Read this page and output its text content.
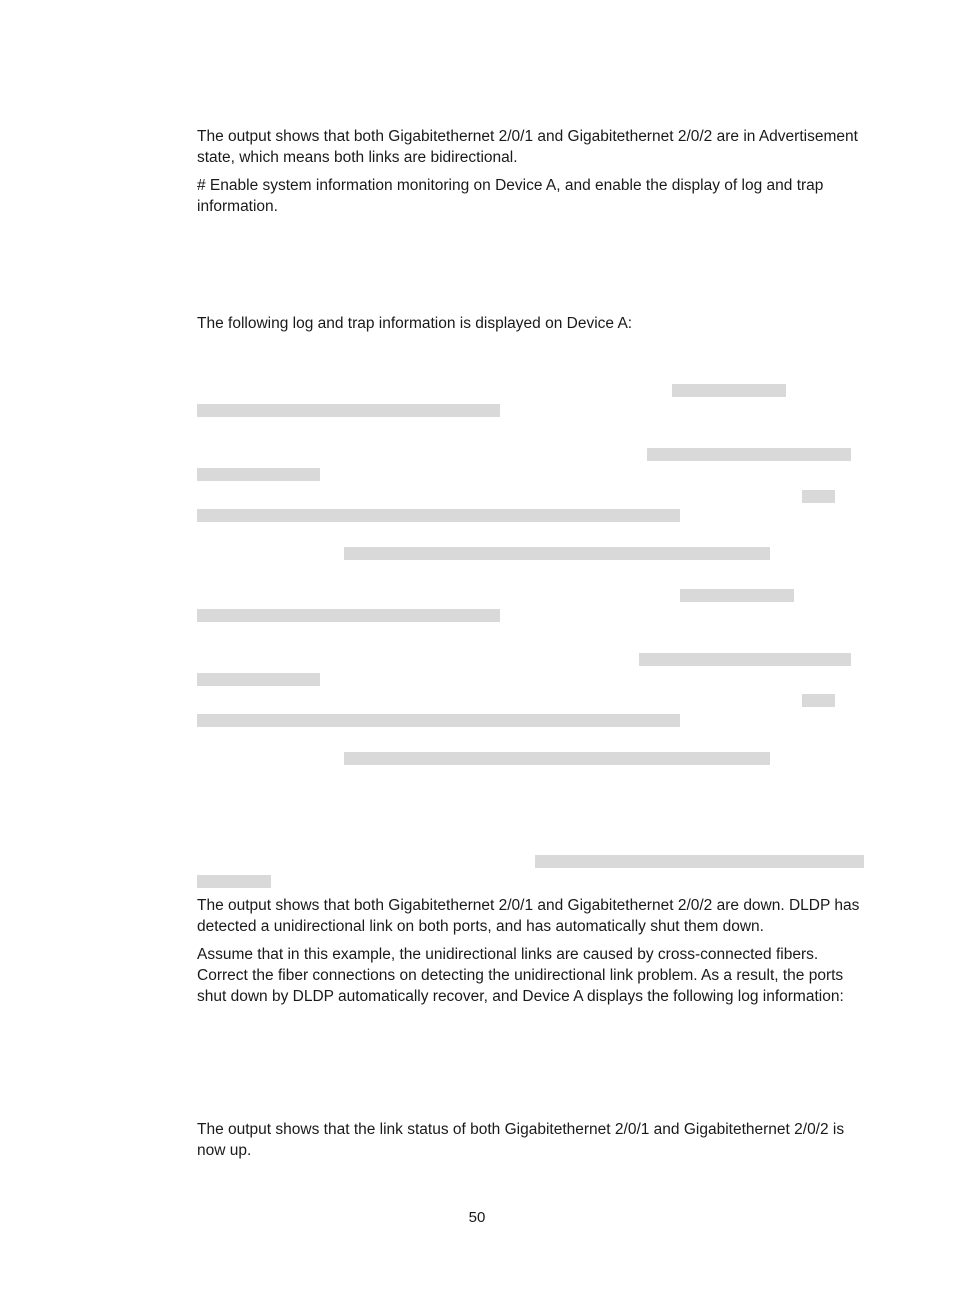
The output shows that both Gigabitethernet 2/0/1 and Gigabitethernet 2/0/2 are in Advertisement state, which means both links are bidirectional.

# Enable system information monitoring on Device A, and enable the display of log and trap information.

The following log and trap information is displayed on Device A:

The output shows that both Gigabitethernet 2/0/1 and Gigabitethernet 2/0/2 are down. DLDP has detected a unidirectional link on both ports, and has automatically shut them down.

Assume that in this example, the unidirectional links are caused by cross-connected fibers. Correct the fiber connections on detecting the unidirectional link problem. As a result, the ports shut down by DLDP automatically recover, and Device A displays the following log information:

The output shows that the link status of both Gigabitethernet 2/0/1 and Gigabitethernet 2/0/2 is now up.

50
